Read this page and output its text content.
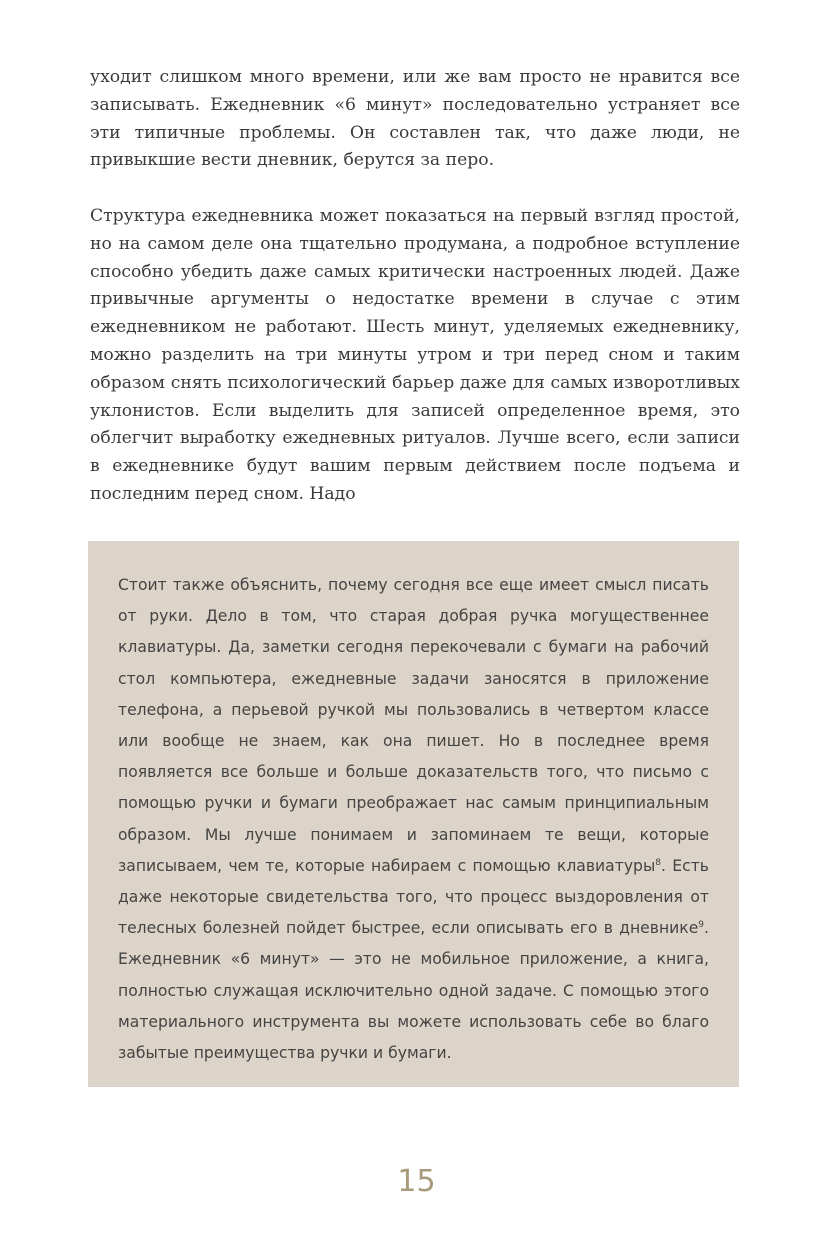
уходит слишком много времени, или же вам просто не нравится все записывать. Ежедневник «6 минут» последовательно устраняет все эти типичные проблемы. Он составлен так, что даже люди, не привыкшие вести дневник, берутся за перо.

Структура ежедневника может показаться на первый взгляд простой, но на самом деле она тщательно продумана, а подробное вступление способно убедить даже самых критически настроенных людей. Даже привычные аргументы о недостатке времени в случае с этим ежедневником не работают. Шесть минут, уделяемых ежедневнику, можно разделить на три минуты утром и три перед сном и таким образом снять психологический барьер даже для самых изворотливых уклонистов. Если выделить для записей определенное время, это облегчит выработку ежедневных ритуалов. Лучше всего, если записи в ежедневнике будут вашим первым действием после подъема и последним перед сном. Надо

Стоит также объяснить, почему сегодня все еще имеет смысл писать от руки. Дело в том, что старая добрая ручка могущественнее клавиатуры. Да, заметки сегодня перекочевали с бумаги на рабочий стол компьютера, ежедневные задачи заносятся в приложение телефона, а перьевой ручкой мы пользовались в четвертом классе или вообще не знаем, как она пишет. Но в последнее время появляется все больше и больше доказательств того, что письмо с помощью ручки и бумаги преображает нас самым принципиальным образом. Мы лучше понимаем и запоминаем те вещи, которые записываем, чем те, которые набираем с помощью клавиатуры$^8$. Есть даже некоторые свидетельства того, что процесс выздоровления от телесных болезней пойдет быстрее, если описывать его в дневнике$^9$. Ежедневник «6 минут» — это не мобильное приложение, а книга, полностью служащая исключительно одной задаче. С помощью этого материального инструмента вы можете использовать себе во благо забытые преимущества ручки и бумаги.

15
